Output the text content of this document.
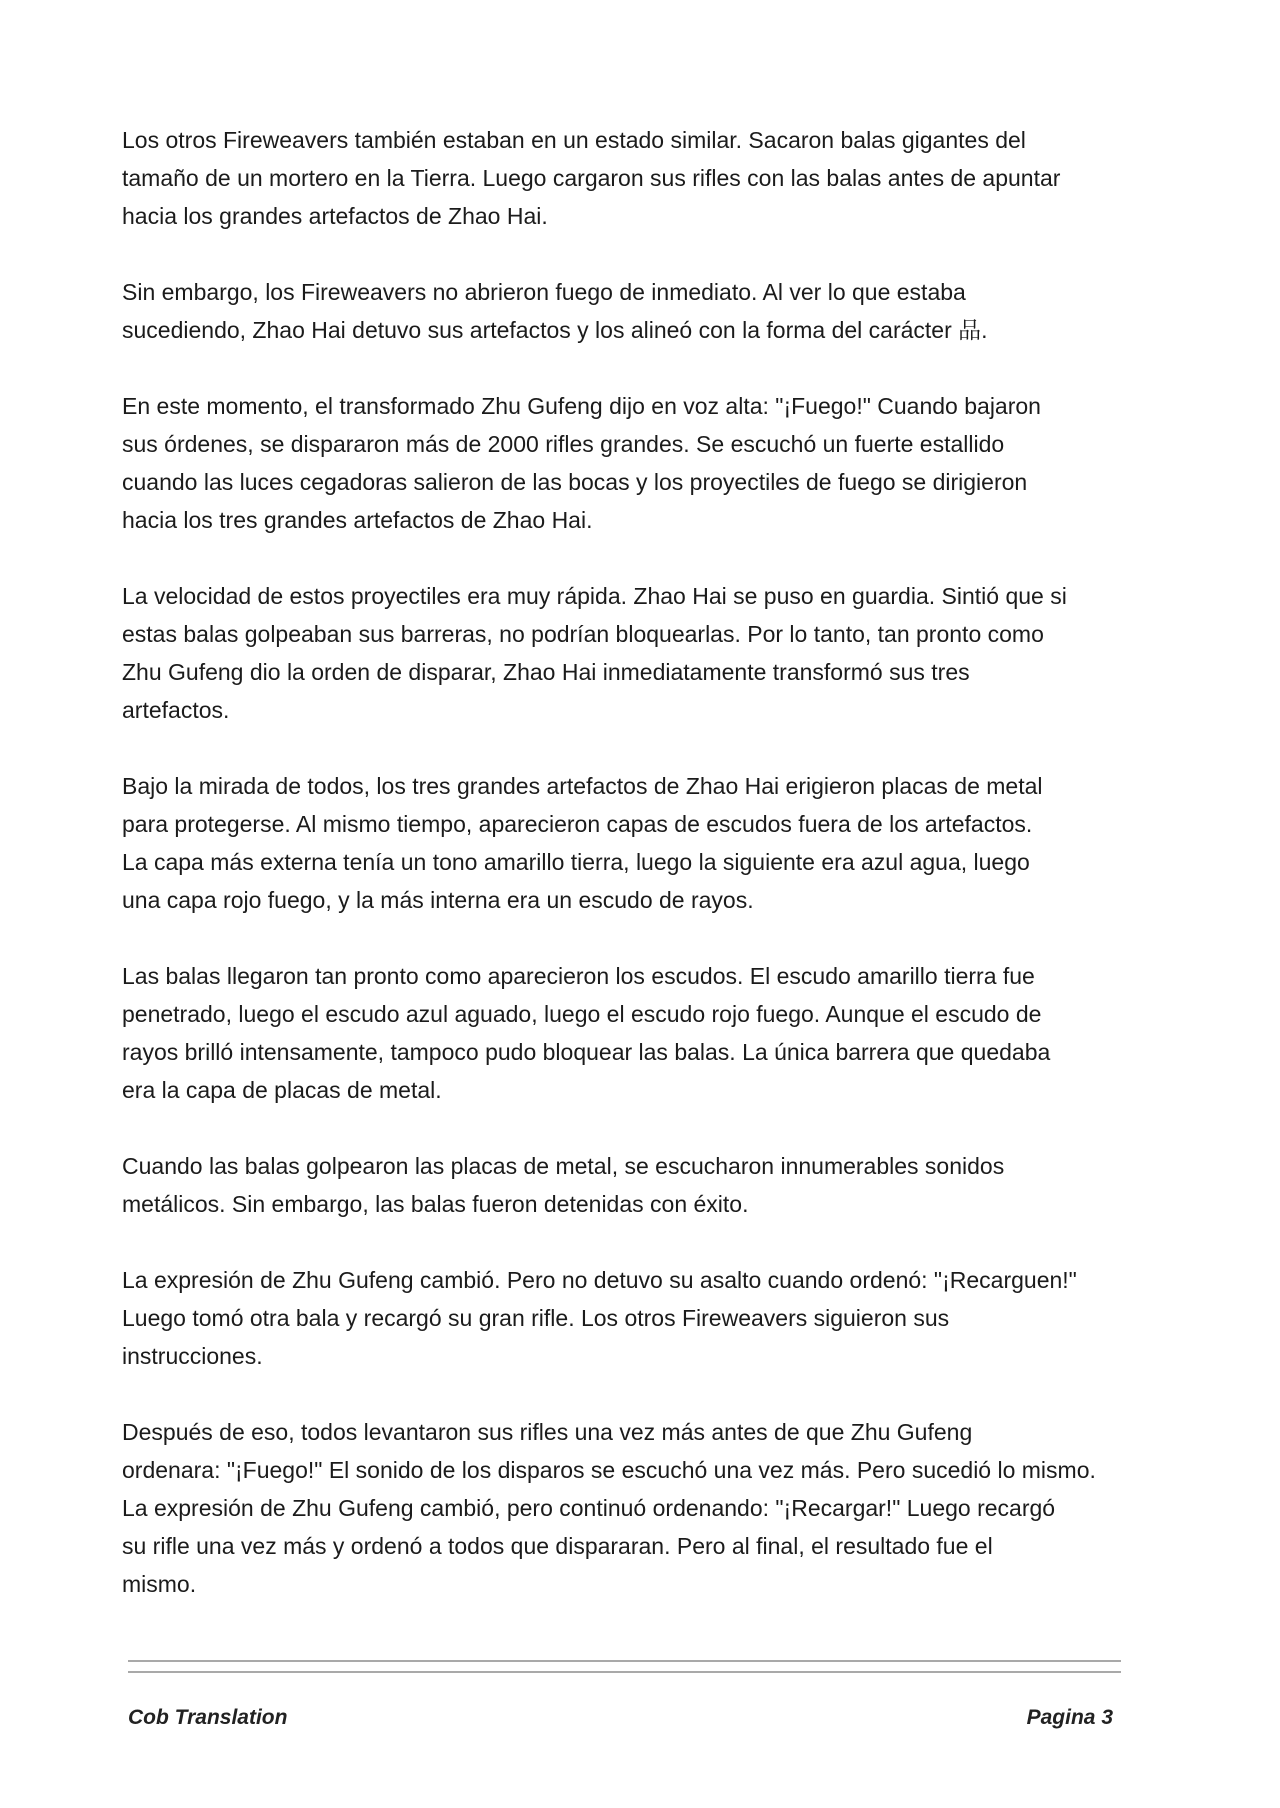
Los otros Fireweavers también estaban en un estado similar. Sacaron balas gigantes del
tamaño de un mortero en la Tierra. Luego cargaron sus rifles con las balas antes de apuntar
hacia los grandes artefactos de Zhao Hai.
Sin embargo, los Fireweavers no abrieron fuego de inmediato. Al ver lo que estaba
sucediendo, Zhao Hai detuvo sus artefactos y los alineó con la forma del carácter 品.
En este momento, el transformado Zhu Gufeng dijo en voz alta: "¡Fuego!" Cuando bajaron
sus órdenes, se dispararon más de 2000 rifles grandes. Se escuchó un fuerte estallido
cuando las luces cegadoras salieron de las bocas y los proyectiles de fuego se dirigieron
hacia los tres grandes artefactos de Zhao Hai.
La velocidad de estos proyectiles era muy rápida. Zhao Hai se puso en guardia. Sintió que si
estas balas golpeaban sus barreras, no podrían bloquearlas. Por lo tanto, tan pronto como
Zhu Gufeng dio la orden de disparar, Zhao Hai inmediatamente transformó sus tres
artefactos.
Bajo la mirada de todos, los tres grandes artefactos de Zhao Hai erigieron placas de metal
para protegerse. Al mismo tiempo, aparecieron capas de escudos fuera de los artefactos.
La capa más externa tenía un tono amarillo tierra, luego la siguiente era azul agua, luego
una capa rojo fuego, y la más interna era un escudo de rayos.
Las balas llegaron tan pronto como aparecieron los escudos. El escudo amarillo tierra fue
penetrado, luego el escudo azul aguado, luego el escudo rojo fuego. Aunque el escudo de
rayos brilló intensamente, tampoco pudo bloquear las balas. La única barrera que quedaba
era la capa de placas de metal.
Cuando las balas golpearon las placas de metal, se escucharon innumerables sonidos
metálicos. Sin embargo, las balas fueron detenidas con éxito.
La expresión de Zhu Gufeng cambió. Pero no detuvo su asalto cuando ordenó: "¡Recarguen!"
Luego tomó otra bala y recargó su gran rifle. Los otros Fireweavers siguieron sus
instrucciones.
Después de eso, todos levantaron sus rifles una vez más antes de que Zhu Gufeng
ordenara: "¡Fuego!" El sonido de los disparos se escuchó una vez más. Pero sucedió lo mismo.
La expresión de Zhu Gufeng cambió, pero continuó ordenando: "¡Recargar!" Luego recargó
su rifle una vez más y ordenó a todos que dispararan. Pero al final, el resultado fue el
mismo.
Cob Translation	Pagina 3
